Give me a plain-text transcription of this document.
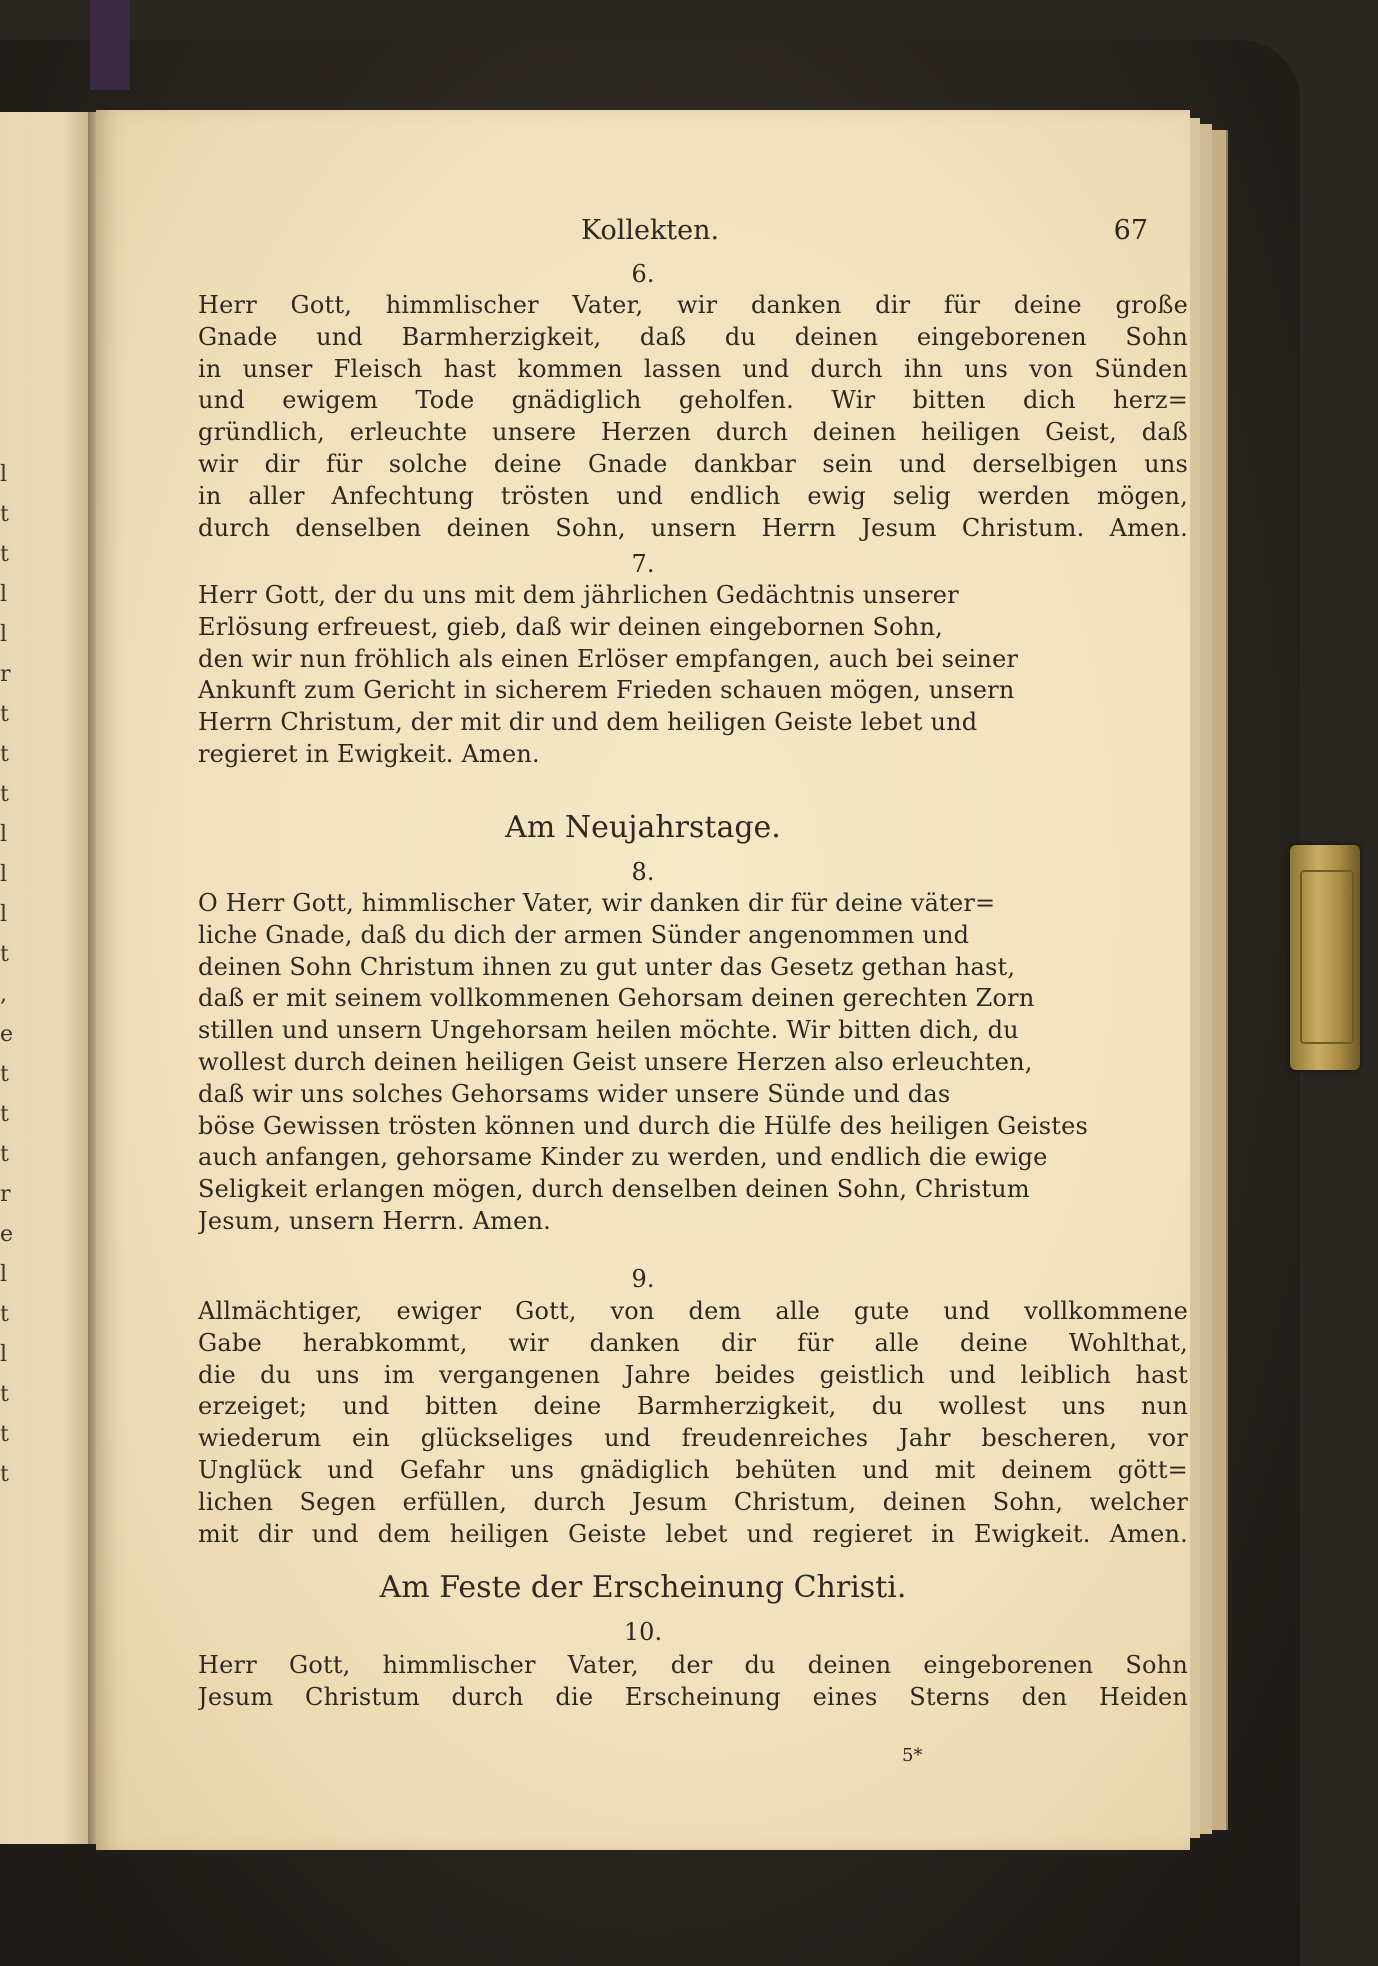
l
t
t
l
l
r
t
t
t
l
l
l
t
,
e
t
t
t
r
e
l
t
l
t
t
t
Kollekten.	67
6.
Herr Gott, himmlischer Vater, wir danken dir für deine große
Gnade und Barmherzigkeit, daß du deinen eingeborenen Sohn
in unser Fleisch hast kommen lassen und durch ihn uns von Sünden
und ewigem Tode gnädiglich geholfen. Wir bitten dich herz=
gründlich, erleuchte unsere Herzen durch deinen heiligen Geist, daß
wir dir für solche deine Gnade dankbar sein und derselbigen uns
in aller Anfechtung trösten und endlich ewig selig werden mögen,
durch denselben deinen Sohn, unsern Herrn Jesum Christum. Amen.
7.
Herr Gott, der du uns mit dem jährlichen Gedächtnis unserer
Erlösung erfreuest, gieb, daß wir deinen eingebornen Sohn,
den wir nun fröhlich als einen Erlöser empfangen, auch bei seiner
Ankunft zum Gericht in sicherem Frieden schauen mögen, unsern
Herrn Christum, der mit dir und dem heiligen Geiste lebet und
regieret in Ewigkeit. Amen.
Am Neujahrstage.
8.
O Herr Gott, himmlischer Vater, wir danken dir für deine väter=
liche Gnade, daß du dich der armen Sünder angenommen und
deinen Sohn Christum ihnen zu gut unter das Gesetz gethan hast,
daß er mit seinem vollkommenen Gehorsam deinen gerechten Zorn
stillen und unsern Ungehorsam heilen möchte. Wir bitten dich, du
wollest durch deinen heiligen Geist unsere Herzen also erleuchten,
daß wir uns solches Gehorsams wider unsere Sünde und das
böse Gewissen trösten können und durch die Hülfe des heiligen Geistes
auch anfangen, gehorsame Kinder zu werden, und endlich die ewige
Seligkeit erlangen mögen, durch denselben deinen Sohn, Christum
Jesum, unsern Herrn. Amen.
9.
Allmächtiger, ewiger Gott, von dem alle gute und vollkommene
Gabe herabkommt, wir danken dir für alle deine Wohlthat,
die du uns im vergangenen Jahre beides geistlich und leiblich hast
erzeiget; und bitten deine Barmherzigkeit, du wollest uns nun
wiederum ein glückseliges und freudenreiches Jahr bescheren, vor
Unglück und Gefahr uns gnädiglich behüten und mit deinem gött=
lichen Segen erfüllen, durch Jesum Christum, deinen Sohn, welcher
mit dir und dem heiligen Geiste lebet und regieret in Ewigkeit. Amen.
Am Feste der Erscheinung Christi.
10.
Herr Gott, himmlischer Vater, der du deinen eingeborenen Sohn
Jesum Christum durch die Erscheinung eines Sterns den Heiden
5*
